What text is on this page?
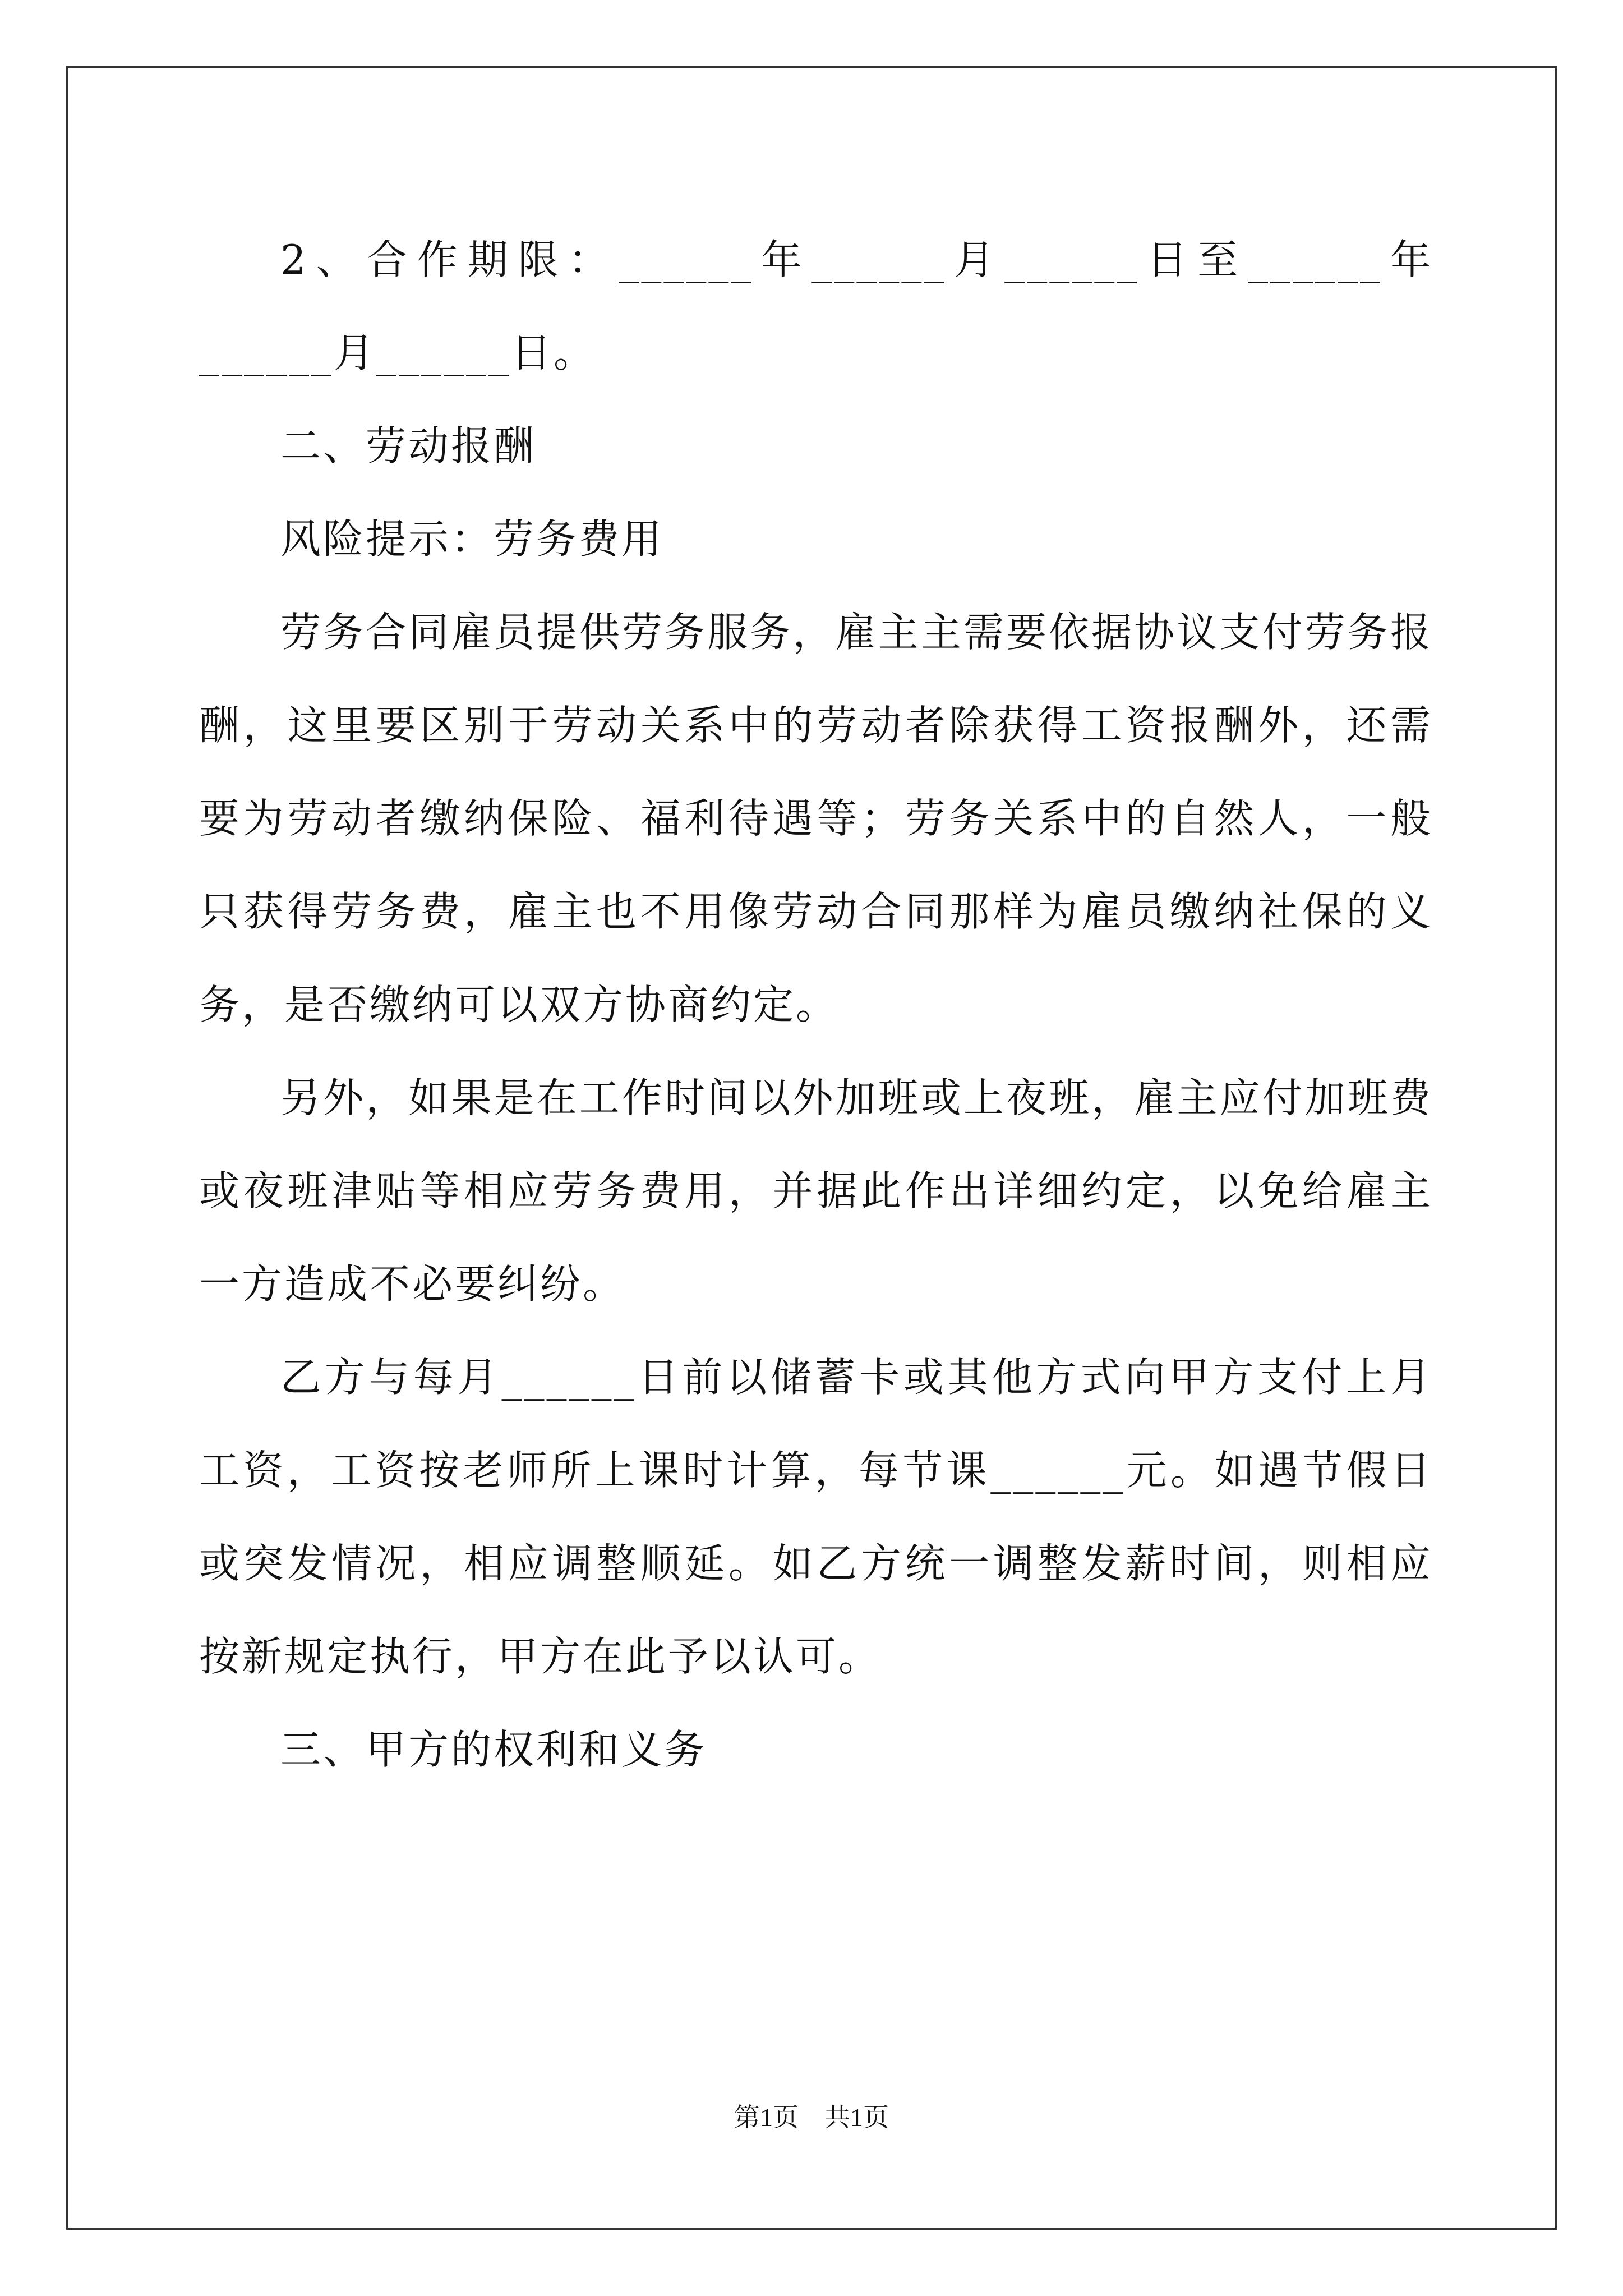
2、合作期限：______年______月______日至______年______月______日。

二、劳动报酬

风险提示：劳务费用

劳务合同雇员提供劳务服务，雇主主需要依据协议支付劳务报酬，这里要区别于劳动关系中的劳动者除获得工资报酬外，还需要为劳动者缴纳保险、福利待遇等；劳务关系中的自然人，一般只获得劳务费，雇主也不用像劳动合同那样为雇员缴纳社保的义务，是否缴纳可以双方协商约定。

另外，如果是在工作时间以外加班或上夜班，雇主应付加班费或夜班津贴等相应劳务费用，并据此作出详细约定，以免给雇主一方造成不必要纠纷。

乙方与每月______日前以储蓄卡或其他方式向甲方支付上月工资，工资按老师所上课时计算，每节课______元。如遇节假日或突发情况，相应调整顺延。如乙方统一调整发薪时间，则相应按新规定执行，甲方在此予以认可。

三、甲方的权利和义务

第1页　共1页
